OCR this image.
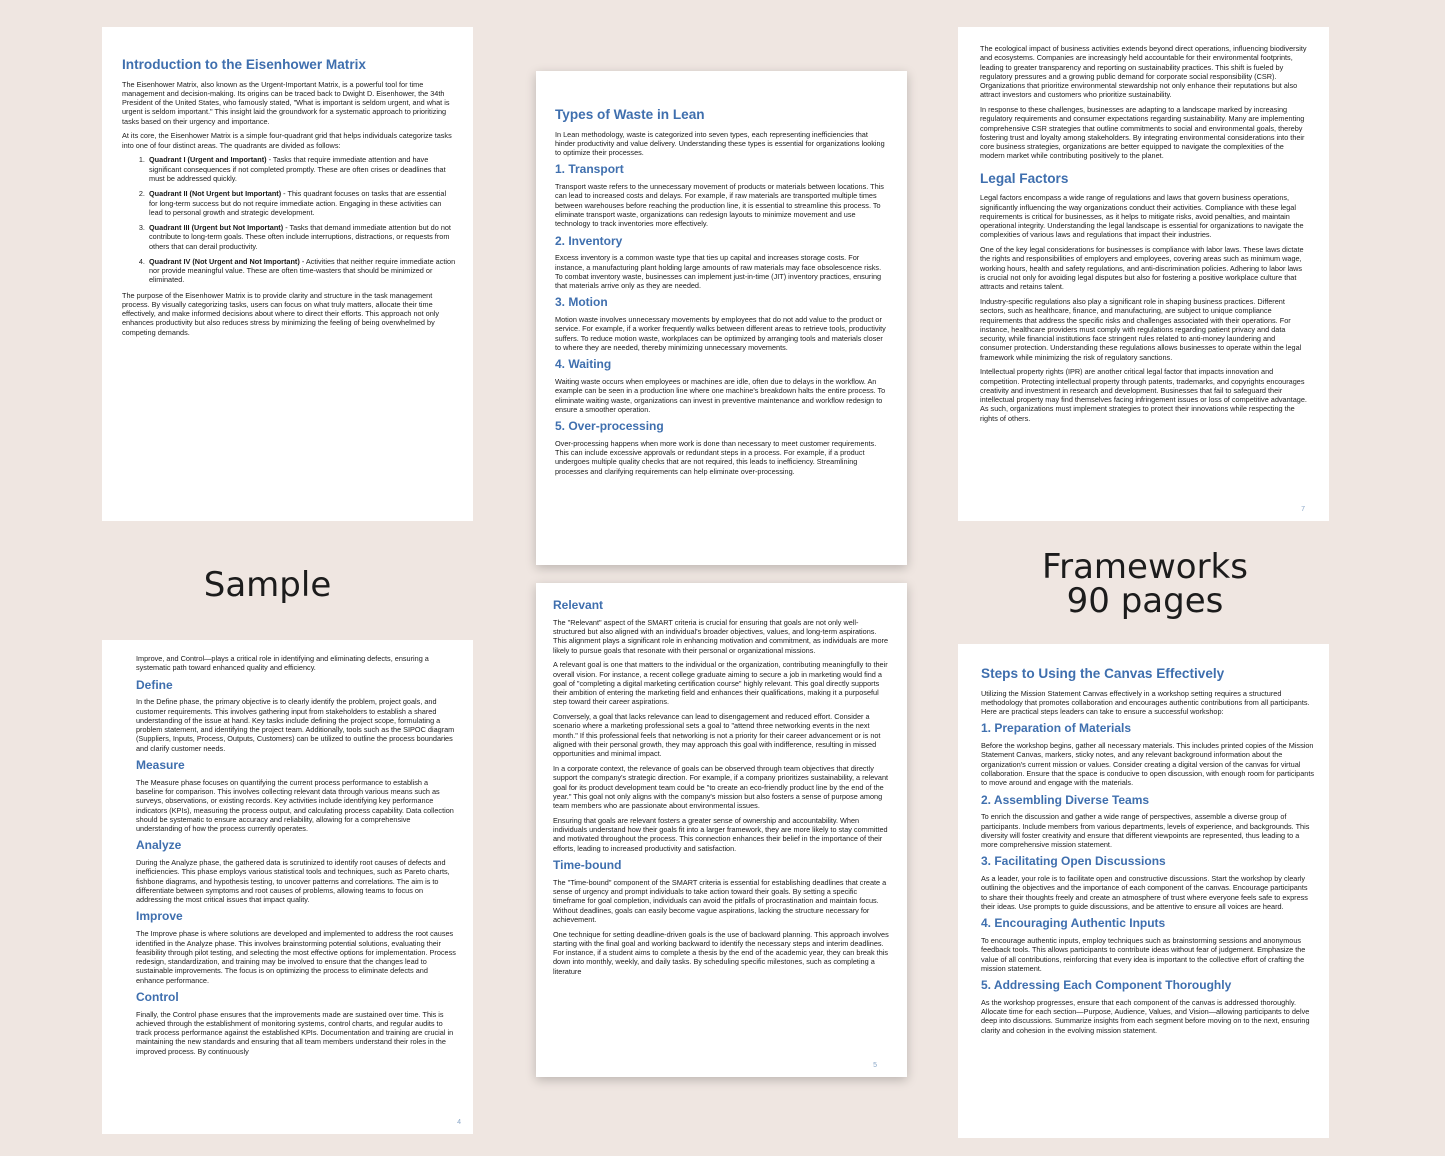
Introduction to the Eisenhower Matrix

The Eisenhower Matrix, also known as the Urgent-Important Matrix, is a powerful tool for time management and decision-making. Its origins can be traced back to Dwight D. Eisenhower, the 34th President of the United States, who famously stated, "What is important is seldom urgent, and what is urgent is seldom important." This insight laid the groundwork for a systematic approach to prioritizing tasks based on their urgency and importance.

At its core, the Eisenhower Matrix is a simple four-quadrant grid that helps individuals categorize tasks into one of four distinct areas. The quadrants are divided as follows:

1. Quadrant I (Urgent and Important) - Tasks that require immediate attention and have significant consequences if not completed promptly. These are often crises or deadlines that must be addressed quickly.
2. Quadrant II (Not Urgent but Important) - This quadrant focuses on tasks that are essential for long-term success but do not require immediate action. Engaging in these activities can lead to personal growth and strategic development.
3. Quadrant III (Urgent but Not Important) - Tasks that demand immediate attention but do not contribute to long-term goals. These often include interruptions, distractions, or requests from others that can derail productivity.
4. Quadrant IV (Not Urgent and Not Important) - Activities that neither require immediate action nor provide meaningful value. These are often time-wasters that should be minimized or eliminated.

The purpose of the Eisenhower Matrix is to provide clarity and structure in the task management process. By visually categorizing tasks, users can focus on what truly matters, allocate their time effectively, and make informed decisions about where to direct their efforts. This approach not only enhances productivity but also reduces stress by minimizing the feeling of being overwhelmed by competing demands.

Types of Waste in Lean

In Lean methodology, waste is categorized into seven types, each representing inefficiencies that hinder productivity and value delivery. Understanding these types is essential for organizations looking to optimize their processes.

1. Transport

Transport waste refers to the unnecessary movement of products or materials between locations. This can lead to increased costs and delays. For example, if raw materials are transported multiple times between warehouses before reaching the production line, it is essential to streamline this process. To eliminate transport waste, organizations can redesign layouts to minimize movement and use technology to track inventories more effectively.

2. Inventory

Excess inventory is a common waste type that ties up capital and increases storage costs. For instance, a manufacturing plant holding large amounts of raw materials may face obsolescence risks. To combat inventory waste, businesses can implement just-in-time (JIT) inventory practices, ensuring that materials arrive only as they are needed.

3. Motion

Motion waste involves unnecessary movements by employees that do not add value to the product or service. For example, if a worker frequently walks between different areas to retrieve tools, productivity suffers. To reduce motion waste, workplaces can be optimized by arranging tools and materials closer to where they are needed, thereby minimizing unnecessary movements.

4. Waiting

Waiting waste occurs when employees or machines are idle, often due to delays in the workflow. An example can be seen in a production line where one machine's breakdown halts the entire process. To eliminate waiting waste, organizations can invest in preventive maintenance and workflow redesign to ensure a smoother operation.

5. Over-processing

Over-processing happens when more work is done than necessary to meet customer requirements. This can include excessive approvals or redundant steps in a process. For example, if a product undergoes multiple quality checks that are not required, this leads to inefficiency. Streamlining processes and clarifying requirements can help eliminate over-processing.

The ecological impact of business activities extends beyond direct operations, influencing biodiversity and ecosystems. Companies are increasingly held accountable for their environmental footprints, leading to greater transparency and reporting on sustainability practices. This shift is fueled by regulatory pressures and a growing public demand for corporate social responsibility (CSR). Organizations that prioritize environmental stewardship not only enhance their reputations but also attract investors and customers who prioritize sustainability.

In response to these challenges, businesses are adapting to a landscape marked by increasing regulatory requirements and consumer expectations regarding sustainability. Many are implementing comprehensive CSR strategies that outline commitments to social and environmental goals, thereby fostering trust and loyalty among stakeholders. By integrating environmental considerations into their core business strategies, organizations are better equipped to navigate the complexities of the modern market while contributing positively to the planet.

Legal Factors

Legal factors encompass a wide range of regulations and laws that govern business operations, significantly influencing the way organizations conduct their activities. Compliance with these legal requirements is critical for businesses, as it helps to mitigate risks, avoid penalties, and maintain operational integrity. Understanding the legal landscape is essential for organizations to navigate the complexities of various laws and regulations that impact their industries.

One of the key legal considerations for businesses is compliance with labor laws. These laws dictate the rights and responsibilities of employers and employees, covering areas such as minimum wage, working hours, health and safety regulations, and anti-discrimination policies. Adhering to labor laws is crucial not only for avoiding legal disputes but also for fostering a positive workplace culture that attracts and retains talent.

Industry-specific regulations also play a significant role in shaping business practices. Different sectors, such as healthcare, finance, and manufacturing, are subject to unique compliance requirements that address the specific risks and challenges associated with their operations. For instance, healthcare providers must comply with regulations regarding patient privacy and data security, while financial institutions face stringent rules related to anti-money laundering and consumer protection. Understanding these regulations allows businesses to operate within the legal framework while minimizing the risk of regulatory sanctions.

Intellectual property rights (IPR) are another critical legal factor that impacts innovation and competition. Protecting intellectual property through patents, trademarks, and copyrights encourages creativity and investment in research and development. Businesses that fail to safeguard their intellectual property may find themselves facing infringement issues or loss of competitive advantage. As such, organizations must implement strategies to protect their innovations while respecting the rights of others.

7
Sample	Frameworks
90 pages

Improve, and Control—plays a critical role in identifying and eliminating defects, ensuring a systematic path toward enhanced quality and efficiency.

Define

In the Define phase, the primary objective is to clearly identify the problem, project goals, and customer requirements. This involves gathering input from stakeholders to establish a shared understanding of the issue at hand. Key tasks include defining the project scope, formulating a problem statement, and identifying the project team. Additionally, tools such as the SIPOC diagram (Suppliers, Inputs, Process, Outputs, Customers) can be utilized to outline the process boundaries and clarify customer needs.

Measure

The Measure phase focuses on quantifying the current process performance to establish a baseline for comparison. This involves collecting relevant data through various means such as surveys, observations, or existing records. Key activities include identifying key performance indicators (KPIs), measuring the process output, and calculating process capability. Data collection should be systematic to ensure accuracy and reliability, allowing for a comprehensive understanding of how the process currently operates.

Analyze

During the Analyze phase, the gathered data is scrutinized to identify root causes of defects and inefficiencies. This phase employs various statistical tools and techniques, such as Pareto charts, fishbone diagrams, and hypothesis testing, to uncover patterns and correlations. The aim is to differentiate between symptoms and root causes of problems, allowing teams to focus on addressing the most critical issues that impact quality.

Improve

The Improve phase is where solutions are developed and implemented to address the root causes identified in the Analyze phase. This involves brainstorming potential solutions, evaluating their feasibility through pilot testing, and selecting the most effective options for implementation. Process redesign, standardization, and training may be involved to ensure that the changes lead to sustainable improvements. The focus is on optimizing the process to eliminate defects and enhance performance.

Control

Finally, the Control phase ensures that the improvements made are sustained over time. This is achieved through the establishment of monitoring systems, control charts, and regular audits to track process performance against the established KPIs. Documentation and training are crucial in maintaining the new standards and ensuring that all team members understand their roles in the improved process. By continuously

4
Relevant

The "Relevant" aspect of the SMART criteria is crucial for ensuring that goals are not only well-structured but also aligned with an individual's broader objectives, values, and long-term aspirations. This alignment plays a significant role in enhancing motivation and commitment, as individuals are more likely to pursue goals that resonate with their personal or organizational missions.

A relevant goal is one that matters to the individual or the organization, contributing meaningfully to their overall vision. For instance, a recent college graduate aiming to secure a job in marketing would find a goal of "completing a digital marketing certification course" highly relevant. This goal directly supports their ambition of entering the marketing field and enhances their qualifications, making it a purposeful step toward their career aspirations.

Conversely, a goal that lacks relevance can lead to disengagement and reduced effort. Consider a scenario where a marketing professional sets a goal to "attend three networking events in the next month." If this professional feels that networking is not a priority for their career advancement or is not aligned with their personal growth, they may approach this goal with indifference, resulting in missed opportunities and minimal impact.

In a corporate context, the relevance of goals can be observed through team objectives that directly support the company's strategic direction. For example, if a company prioritizes sustainability, a relevant goal for its product development team could be "to create an eco-friendly product line by the end of the year." This goal not only aligns with the company's mission but also fosters a sense of purpose among team members who are passionate about environmental issues.

Ensuring that goals are relevant fosters a greater sense of ownership and accountability. When individuals understand how their goals fit into a larger framework, they are more likely to stay committed and motivated throughout the process. This connection enhances their belief in the importance of their efforts, leading to increased productivity and satisfaction.

Time-bound

The "Time-bound" component of the SMART criteria is essential for establishing deadlines that create a sense of urgency and prompt individuals to take action toward their goals. By setting a specific timeframe for goal completion, individuals can avoid the pitfalls of procrastination and maintain focus. Without deadlines, goals can easily become vague aspirations, lacking the structure necessary for achievement.

One technique for setting deadline-driven goals is the use of backward planning. This approach involves starting with the final goal and working backward to identify the necessary steps and interim deadlines. For instance, if a student aims to complete a thesis by the end of the academic year, they can break this down into monthly, weekly, and daily tasks. By scheduling specific milestones, such as completing a literature

5
Steps to Using the Canvas Effectively

Utilizing the Mission Statement Canvas effectively in a workshop setting requires a structured methodology that promotes collaboration and encourages authentic contributions from all participants. Here are practical steps leaders can take to ensure a successful workshop:

1. Preparation of Materials

Before the workshop begins, gather all necessary materials. This includes printed copies of the Mission Statement Canvas, markers, sticky notes, and any relevant background information about the organization's current mission or values. Consider creating a digital version of the canvas for virtual collaboration. Ensure that the space is conducive to open discussion, with enough room for participants to move around and engage with the materials.

2. Assembling Diverse Teams

To enrich the discussion and gather a wide range of perspectives, assemble a diverse group of participants. Include members from various departments, levels of experience, and backgrounds. This diversity will foster creativity and ensure that different viewpoints are represented, thus leading to a more comprehensive mission statement.

3. Facilitating Open Discussions

As a leader, your role is to facilitate open and constructive discussions. Start the workshop by clearly outlining the objectives and the importance of each component of the canvas. Encourage participants to share their thoughts freely and create an atmosphere of trust where everyone feels safe to express their ideas. Use prompts to guide discussions, and be attentive to ensure all voices are heard.

4. Encouraging Authentic Inputs

To encourage authentic inputs, employ techniques such as brainstorming sessions and anonymous feedback tools. This allows participants to contribute ideas without fear of judgement. Emphasize the value of all contributions, reinforcing that every idea is important to the collective effort of crafting the mission statement.

5. Addressing Each Component Thoroughly

As the workshop progresses, ensure that each component of the canvas is addressed thoroughly. Allocate time for each section—Purpose, Audience, Values, and Vision—allowing participants to delve deep into discussions. Summarize insights from each segment before moving on to the next, ensuring clarity and cohesion in the evolving mission statement.
